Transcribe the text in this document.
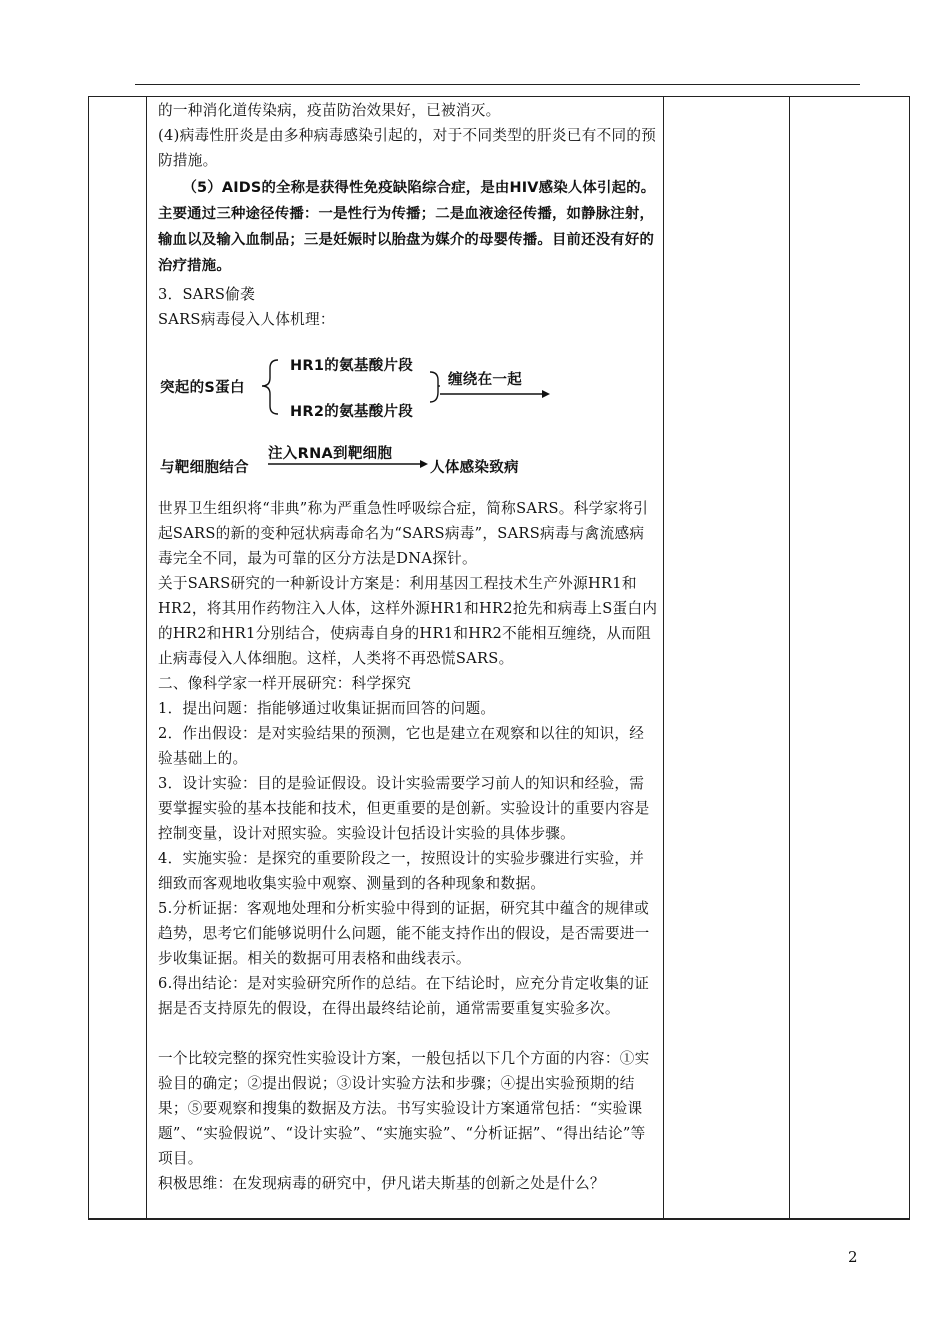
的一种消化道传染病，疫苗防治效果好，已被消灭。

(4)病毒性肝炎是由多种病毒感染引起的，对于不同类型的肝炎已有不同的预防措施。

（5）AIDS的全称是获得性免疫缺陷综合症，是由HIV感染人体引起的。主要通过三种途径传播：一是性行为传播；二是血液途径传播，如静脉注射，输血以及输入血制品；三是妊娠时以胎盘为媒介的母婴传播。目前还没有好的治疗措施。

3．SARS偷袭

SARS病毒侵入人体机理：

突起的S蛋白
HR1的氨基酸片段
HR2的氨基酸片段
缠绕在一起
与靶细胞结合
注入RNA到靶细胞
人体感染致病

世界卫生组织将“非典”称为严重急性呼吸综合症，简称SARS。科学家将引起SARS的新的变种冠状病毒命名为“SARS病毒”，SARS病毒与禽流感病毒完全不同，最为可靠的区分方法是DNA探针。

关于SARS研究的一种新设计方案是：利用基因工程技术生产外源HR1和HR2，将其用作药物注入人体，这样外源HR1和HR2抢先和病毒上S蛋白内的HR2和HR1分别结合，使病毒自身的HR1和HR2不能相互缠绕，从而阻止病毒侵入人体细胞。这样，人类将不再恐慌SARS。

二、像科学家一样开展研究：科学探究

1．提出问题：指能够通过收集证据而回答的问题。

2．作出假设：是对实验结果的预测，它也是建立在观察和以往的知识，经验基础上的。

3．设计实验：目的是验证假设。设计实验需要学习前人的知识和经验，需要掌握实验的基本技能和技术，但更重要的是创新。实验设计的重要内容是控制变量，设计对照实验。实验设计包括设计实验的具体步骤。

4．实施实验：是探究的重要阶段之一，按照设计的实验步骤进行实验，并细致而客观地收集实验中观察、测量到的各种现象和数据。

5.分析证据：客观地处理和分析实验中得到的证据，研究其中蕴含的规律或趋势，思考它们能够说明什么问题，能不能支持作出的假设，是否需要进一步收集证据。相关的数据可用表格和曲线表示。

6.得出结论：是对实验研究所作的总结。在下结论时，应充分肯定收集的证据是否支持原先的假设，在得出最终结论前，通常需要重复实验多次。

一个比较完整的探究性实验设计方案，一般包括以下几个方面的内容：①实验目的确定；②提出假说；③设计实验方法和步骤；④提出实验预期的结果；⑤要观察和搜集的数据及方法。书写实验设计方案通常包括：“实验课题”、“实验假说”、“设计实验”、“实施实验”、“分析证据”、“得出结论”等项目。

积极思维：在发现病毒的研究中，伊凡诺夫斯基的创新之处是什么？

2
